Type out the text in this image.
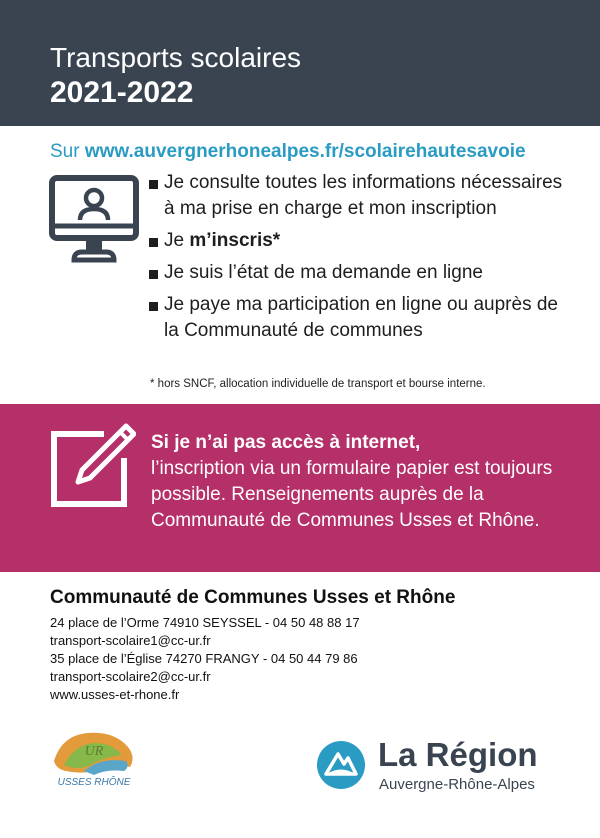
Transports scolaires
2021-2022
Sur www.auvergnerhonealpes.fr/scolairehautesavoie
Je consulte toutes les informations nécessaires à ma prise en charge et mon inscription
Je m’inscris*
Je suis l’état de ma demande en ligne
Je paye ma participation en ligne ou auprès de la Communauté de communes
* hors SNCF, allocation individuelle de transport et bourse interne.
Si je n’ai pas accès à internet,
l’inscription via un formulaire papier est toujours possible. Renseignements auprès de la Communauté de Communes Usses et Rhône.
Communauté de Communes Usses et Rhône
24 place de l’Orme 74910 SEYSSEL - 04 50 48 88 17
transport-scolaire1@cc-ur.fr
35 place de l’Église 74270 FRANGY - 04 50 44 79 86
transport-scolaire2@cc-ur.fr
www.usses-et-rhone.fr
UR
USSES RHÔNE
La Région
Auvergne-Rhône-Alpes
